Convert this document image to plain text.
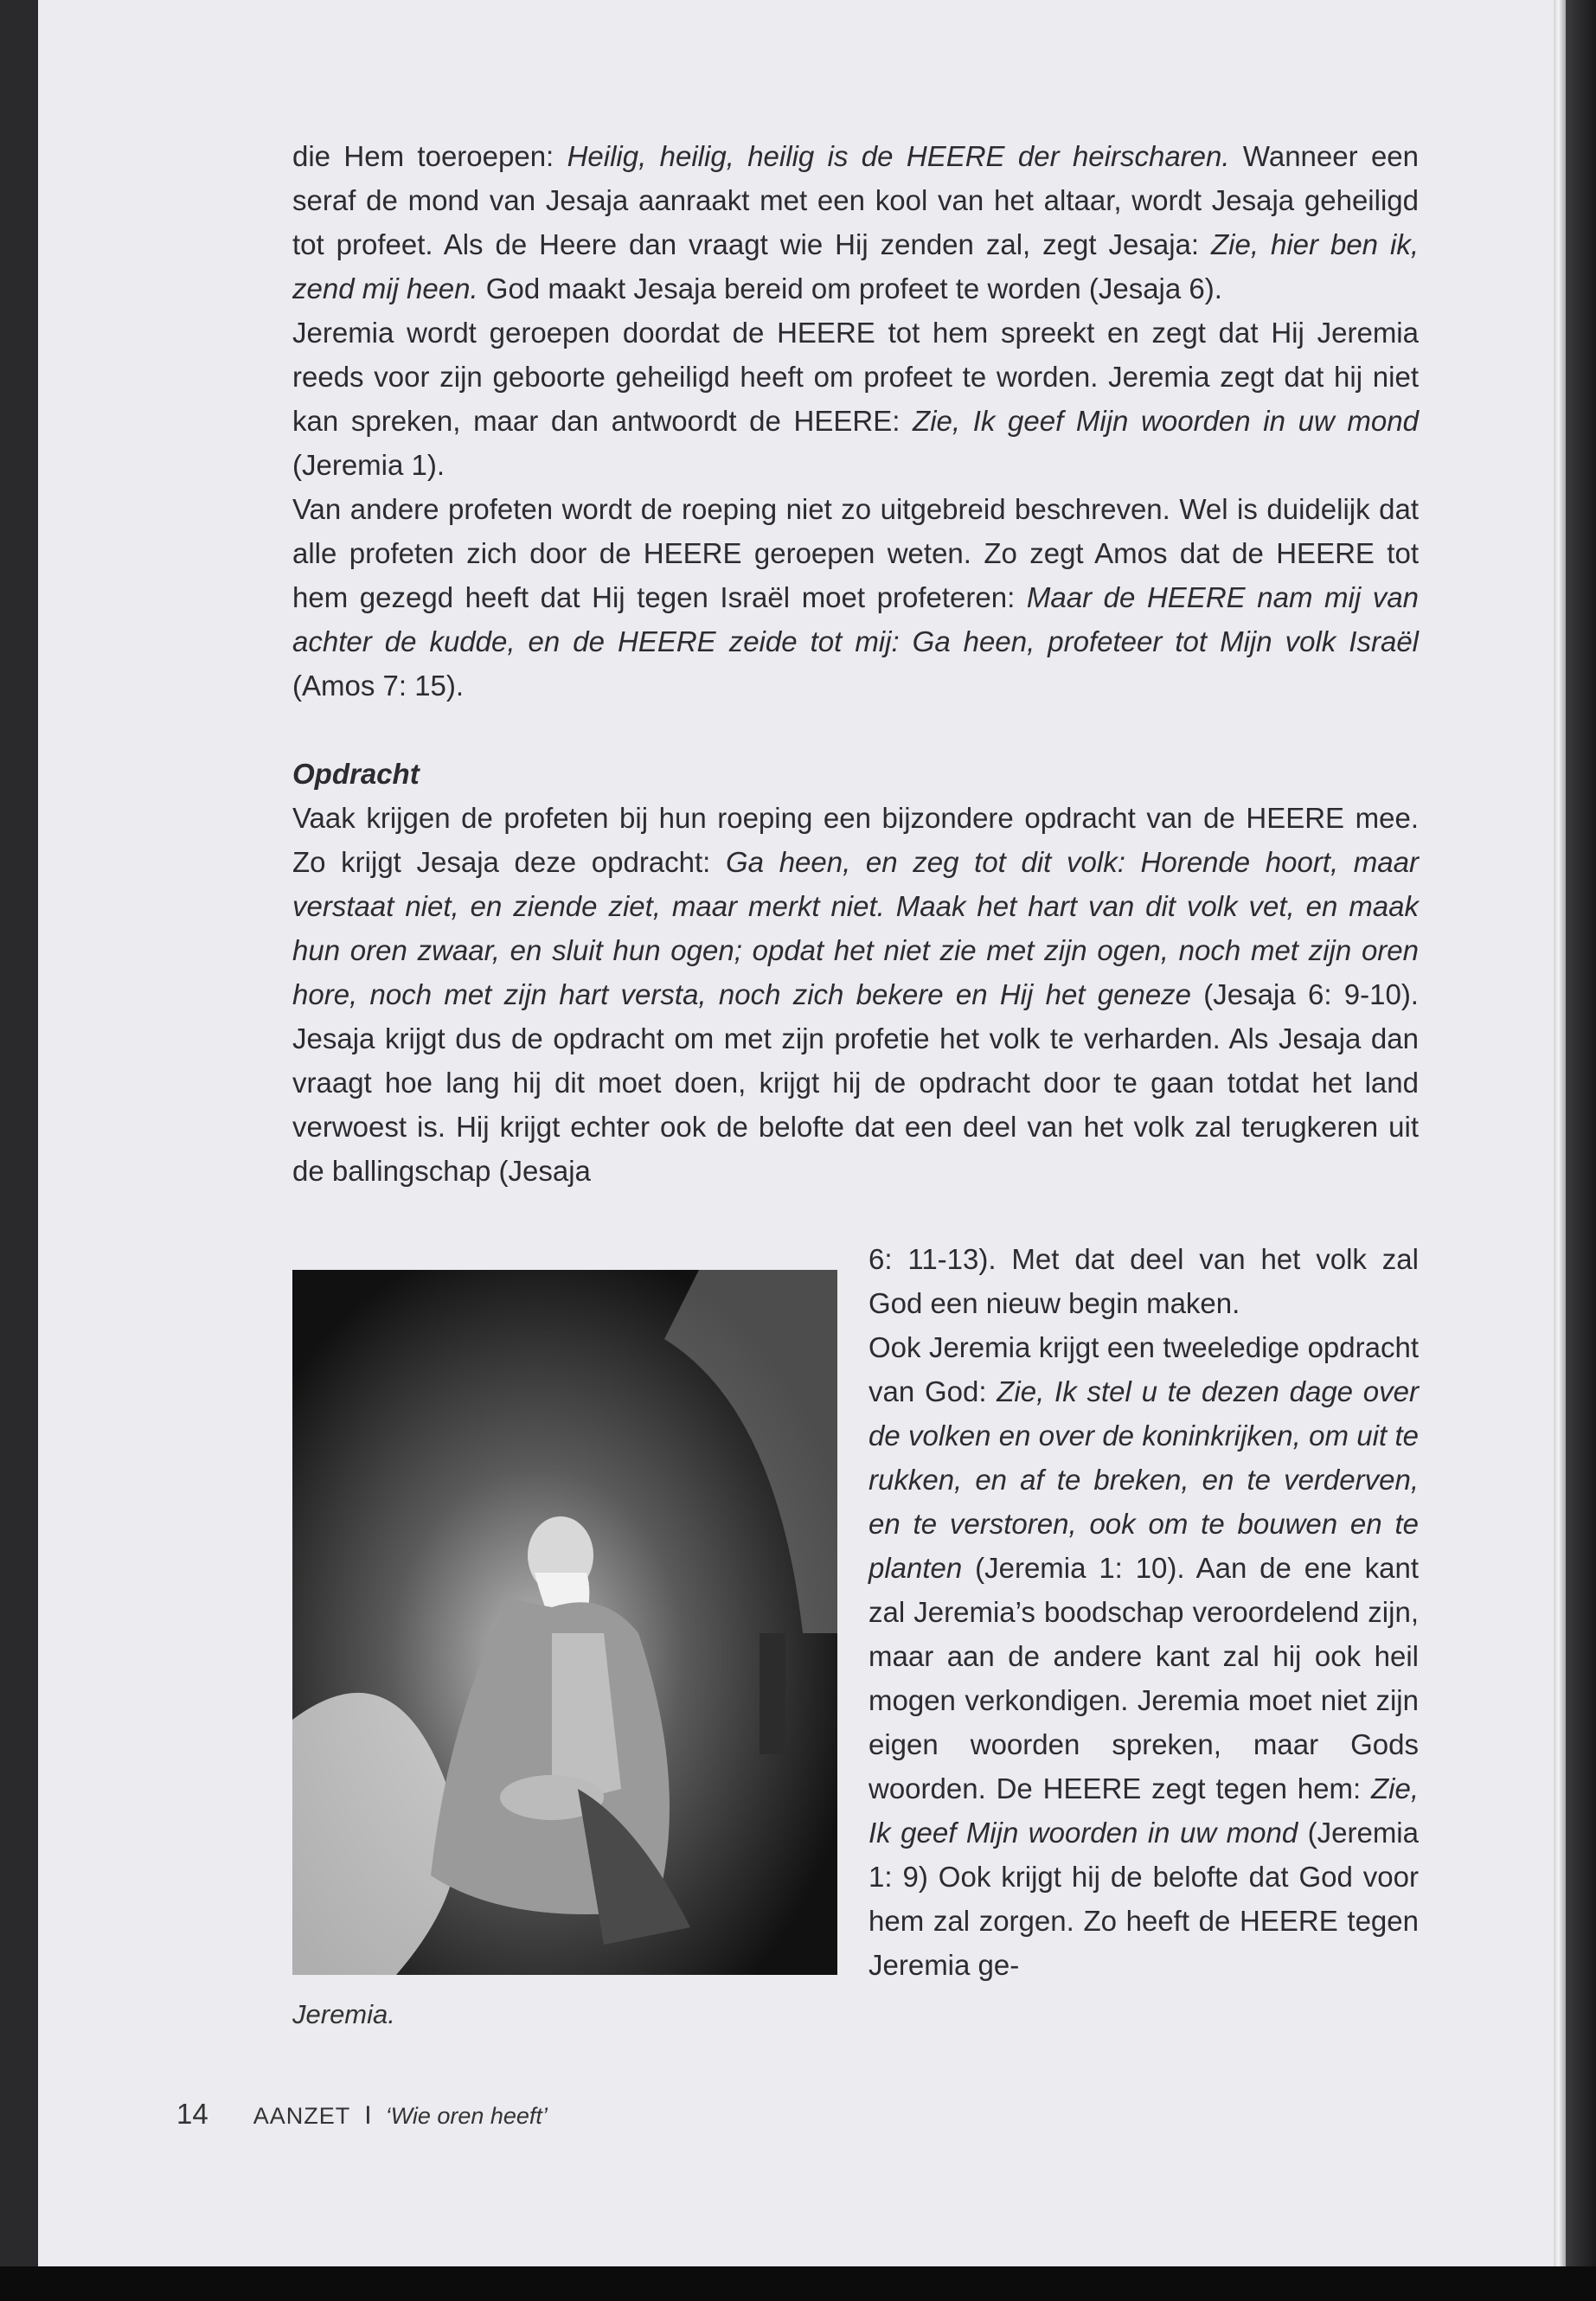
die Hem toeroepen: Heilig, heilig, heilig is de HEERE der heirscharen. Wanneer een seraf de mond van Jesaja aanraakt met een kool van het altaar, wordt Jesaja geheiligd tot profeet. Als de Heere dan vraagt wie Hij zenden zal, zegt Jesaja: Zie, hier ben ik, zend mij heen. God maakt Jesaja bereid om profeet te worden (Jesaja 6).

Jeremia wordt geroepen doordat de HEERE tot hem spreekt en zegt dat Hij Jeremia reeds voor zijn geboorte geheiligd heeft om profeet te worden. Jeremia zegt dat hij niet kan spreken, maar dan antwoordt de HEERE: Zie, Ik geef Mijn woorden in uw mond (Jeremia 1).

Van andere profeten wordt de roeping niet zo uitgebreid beschreven. Wel is duidelijk dat alle profeten zich door de HEERE geroepen weten. Zo zegt Amos dat de HEERE tot hem gezegd heeft dat Hij tegen Israël moet profeteren: Maar de HEERE nam mij van achter de kudde, en de HEERE zeide tot mij: Ga heen, profeteer tot Mijn volk Israël (Amos 7: 15).

Opdracht

Vaak krijgen de profeten bij hun roeping een bijzondere opdracht van de HEERE mee. Zo krijgt Jesaja deze opdracht: Ga heen, en zeg tot dit volk: Horende hoort, maar verstaat niet, en ziende ziet, maar merkt niet. Maak het hart van dit volk vet, en maak hun oren zwaar, en sluit hun ogen; opdat het niet zie met zijn ogen, noch met zijn oren hore, noch met zijn hart versta, noch zich bekere en Hij het geneze (Jesaja 6: 9-10). Jesaja krijgt dus de opdracht om met zijn profetie het volk te verharden. Als Jesaja dan vraagt hoe lang hij dit moet doen, krijgt hij de opdracht door te gaan totdat het land verwoest is. Hij krijgt echter ook de belofte dat een deel van het volk zal terugkeren uit de ballingschap (Jesaja

Jeremia.

6: 11-13). Met dat deel van het volk zal God een nieuw begin maken.

Ook Jeremia krijgt een tweeledige opdracht van God: Zie, Ik stel u te dezen dage over de volken en over de koninkrijken, om uit te rukken, en af te breken, en te verderven, en te verstoren, ook om te bouwen en te planten (Jeremia 1: 10). Aan de ene kant zal Jeremia’s boodschap veroordelend zijn, maar aan de andere kant zal hij ook heil mogen verkondigen. Jeremia moet niet zijn eigen woorden spreken, maar Gods woorden. De HEERE zegt tegen hem: Zie, Ik geef Mijn woorden in uw mond (Jeremia 1: 9) Ook krijgt hij de belofte dat God voor hem zal zorgen. Zo heeft de HEERE tegen Jeremia ge-

14 AANZET I ‘Wie oren heeft’
